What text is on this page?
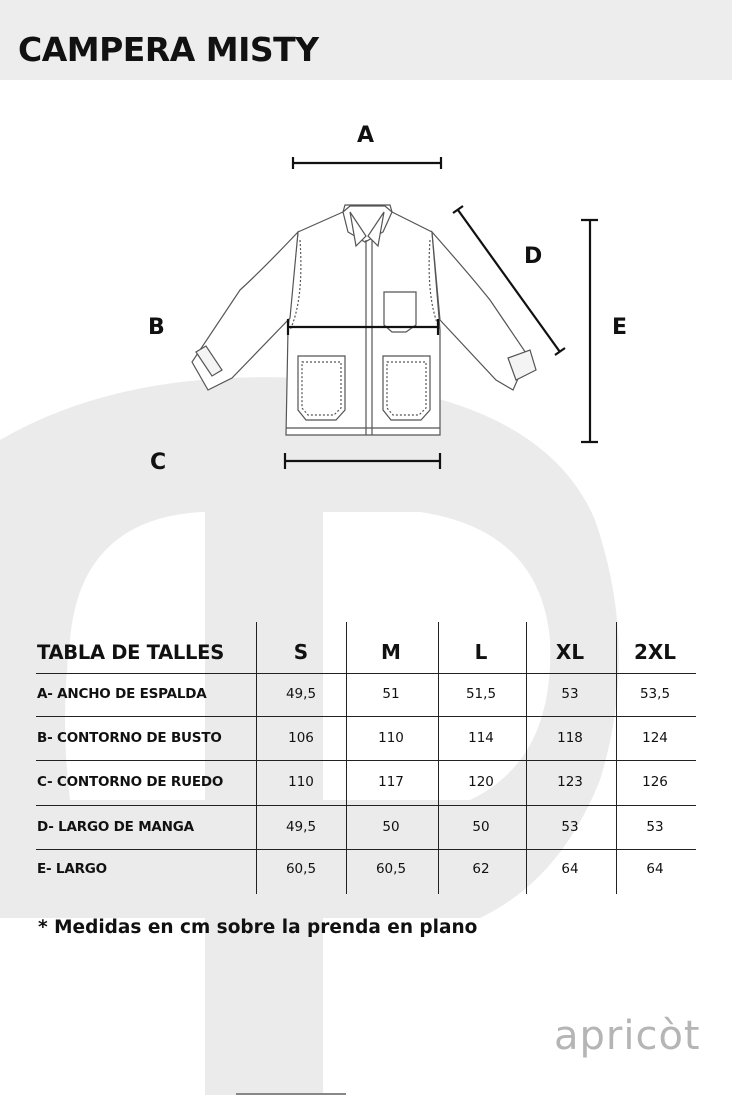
CAMPERA MISTY
A
B
C
D
E
TABLA DE TALLES	S	M	L	XL	2XL
A- ANCHO DE ESPALDA	49,5	51	51,5	53	53,5
B- CONTORNO DE BUSTO	106	110	114	118	124
C- CONTORNO DE RUEDO	110	117	120	123	126
D- LARGO DE MANGA	49,5	50	50	53	53
E- LARGO	60,5	60,5	62	64	64
* Medidas en cm sobre la prenda en plano
apricòt
